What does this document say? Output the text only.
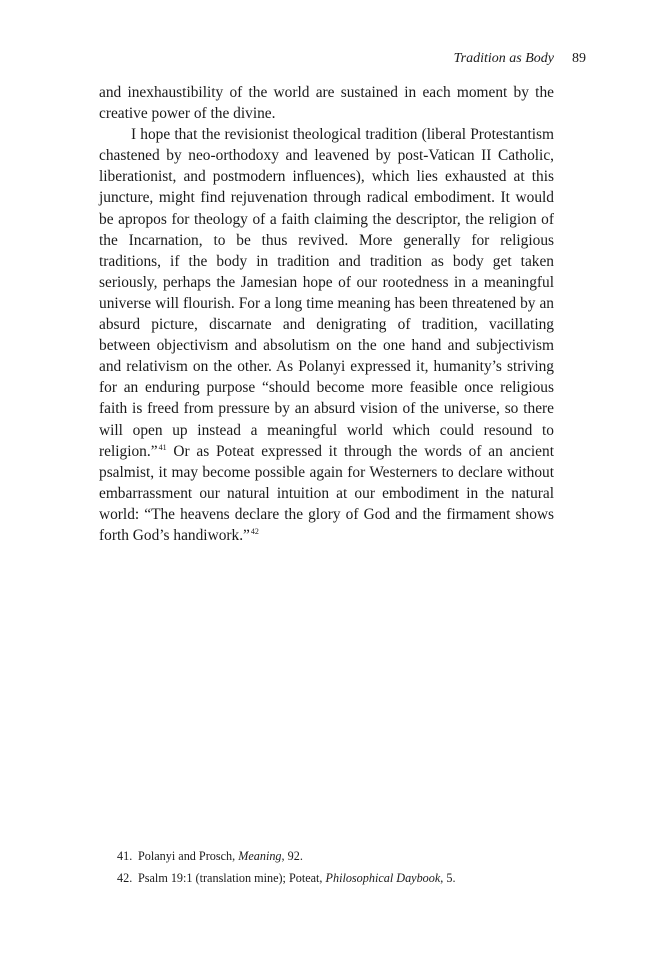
Tradition as Body 89

and inexhaustibility of the world are sustained in each moment by the creative power of the divine.

I hope that the revisionist theological tradition (liberal Protestantism chastened by neo-orthodoxy and leavened by post-Vatican II Catholic, liberationist, and postmodern influences), which lies exhausted at this juncture, might find rejuvenation through radical embodiment. It would be apropos for theology of a faith claiming the descriptor, the religion of the Incarnation, to be thus revived. More generally for religious traditions, if the body in tradition and tradition as body get taken seriously, perhaps the Jamesian hope of our rootedness in a meaningful universe will flourish. For a long time meaning has been threatened by an absurd picture, discarnate and denigrating of tradition, vacillating between objectivism and absolutism on the one hand and subjectivism and relativism on the other. As Polanyi expressed it, humanity’s striving for an enduring purpose “should become more feasible once religious faith is freed from pressure by an absurd vision of the universe, so there will open up instead a meaningful world which could resound to religion.”$^{41}$ Or as Poteat expressed it through the words of an ancient psalmist, it may become possible again for Westerners to declare without embarrassment our natural intuition at our embodiment in the natural world: “The heavens declare the glory of God and the firmament shows forth God’s handiwork.”$^{42}$

41. Polanyi and Prosch, Meaning, 92.
42. Psalm 19:1 (translation mine); Poteat, Philosophical Daybook, 5.
